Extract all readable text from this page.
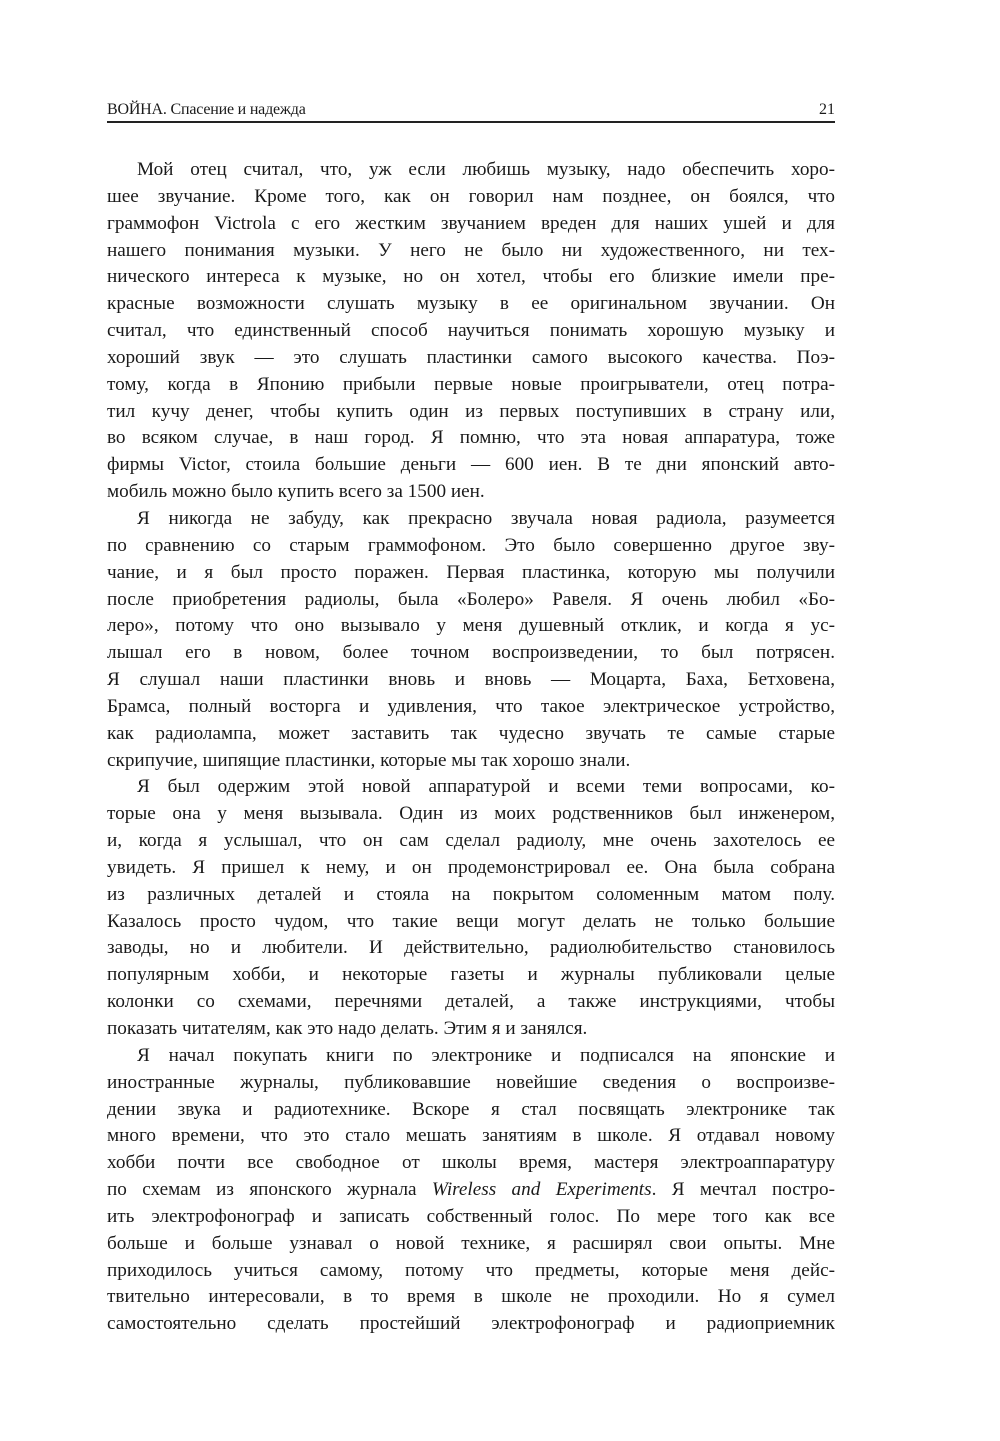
ВОЙНА. Спасение и надежда	21
Мой отец считал, что, уж если любишь музыку, надо обеспечить хоро-
шее звучание. Кроме того, как он говорил нам позднее, он боялся, что
граммофон Victrola с его жестким звучанием вреден для наших ушей и для
нашего понимания музыки. У него не было ни художественного, ни тех-
нического интереса к музыке, но он хотел, чтобы его близкие имели пре-
красные возможности слушать музыку в ее оригинальном звучании. Он
считал, что единственный способ научиться понимать хорошую музыку и
хороший звук — это слушать пластинки самого высокого качества. Поэ-
тому, когда в Японию прибыли первые новые проигрыватели, отец потра-
тил кучу денег, чтобы купить один из первых поступивших в страну или,
во всяком случае, в наш город. Я помню, что эта новая аппаратура, тоже
фирмы Victor, стоила большие деньги — 600 иен. В те дни японский авто-
мобиль можно было купить всего за 1500 иен.
Я никогда не забуду, как прекрасно звучала новая радиола, разумеется
по сравнению со старым граммофоном. Это было совершенно другое зву-
чание, и я был просто поражен. Первая пластинка, которую мы получили
после приобретения радиолы, была «Болеро» Равеля. Я очень любил «Бо-
леро», потому что оно вызывало у меня душевный отклик, и когда я ус-
лышал его в новом, более точном воспроизведении, то был потрясен.
Я слушал наши пластинки вновь и вновь — Моцарта, Баха, Бетховена,
Брамса, полный восторга и удивления, что такое электрическое устройство,
как радиолампа, может заставить так чудесно звучать те самые старые
скрипучие, шипящие пластинки, которые мы так хорошо знали.
Я был одержим этой новой аппаратурой и всеми теми вопросами, ко-
торые она у меня вызывала. Один из моих родственников был инженером,
и, когда я услышал, что он сам сделал радиолу, мне очень захотелось ее
увидеть. Я пришел к нему, и он продемонстрировал ее. Она была собрана
из различных деталей и стояла на покрытом соломенным матом полу.
Казалось просто чудом, что такие вещи могут делать не только большие
заводы, но и любители. И действительно, радиолюбительство становилось
популярным хобби, и некоторые газеты и журналы публиковали целые
колонки со схемами, перечнями деталей, а также инструкциями, чтобы
показать читателям, как это надо делать. Этим я и занялся.
Я начал покупать книги по электронике и подписался на японские и
иностранные журналы, публиковавшие новейшие сведения о воспроизве-
дении звука и радиотехнике. Вскоре я стал посвящать электронике так
много времени, что это стало мешать занятиям в школе. Я отдавал новому
хобби почти все свободное от школы время, мастеря электроаппаратуру
по схемам из японского журнала Wireless and Experiments. Я мечтал постро-
ить электрофонограф и записать собственный голос. По мере того как все
больше и больше узнавал о новой технике, я расширял свои опыты. Мне
приходилось учиться самому, потому что предметы, которые меня дейс-
твительно интересовали, в то время в школе не проходили. Но я сумел
самостоятельно сделать простейший электрофонограф и радиоприемник
